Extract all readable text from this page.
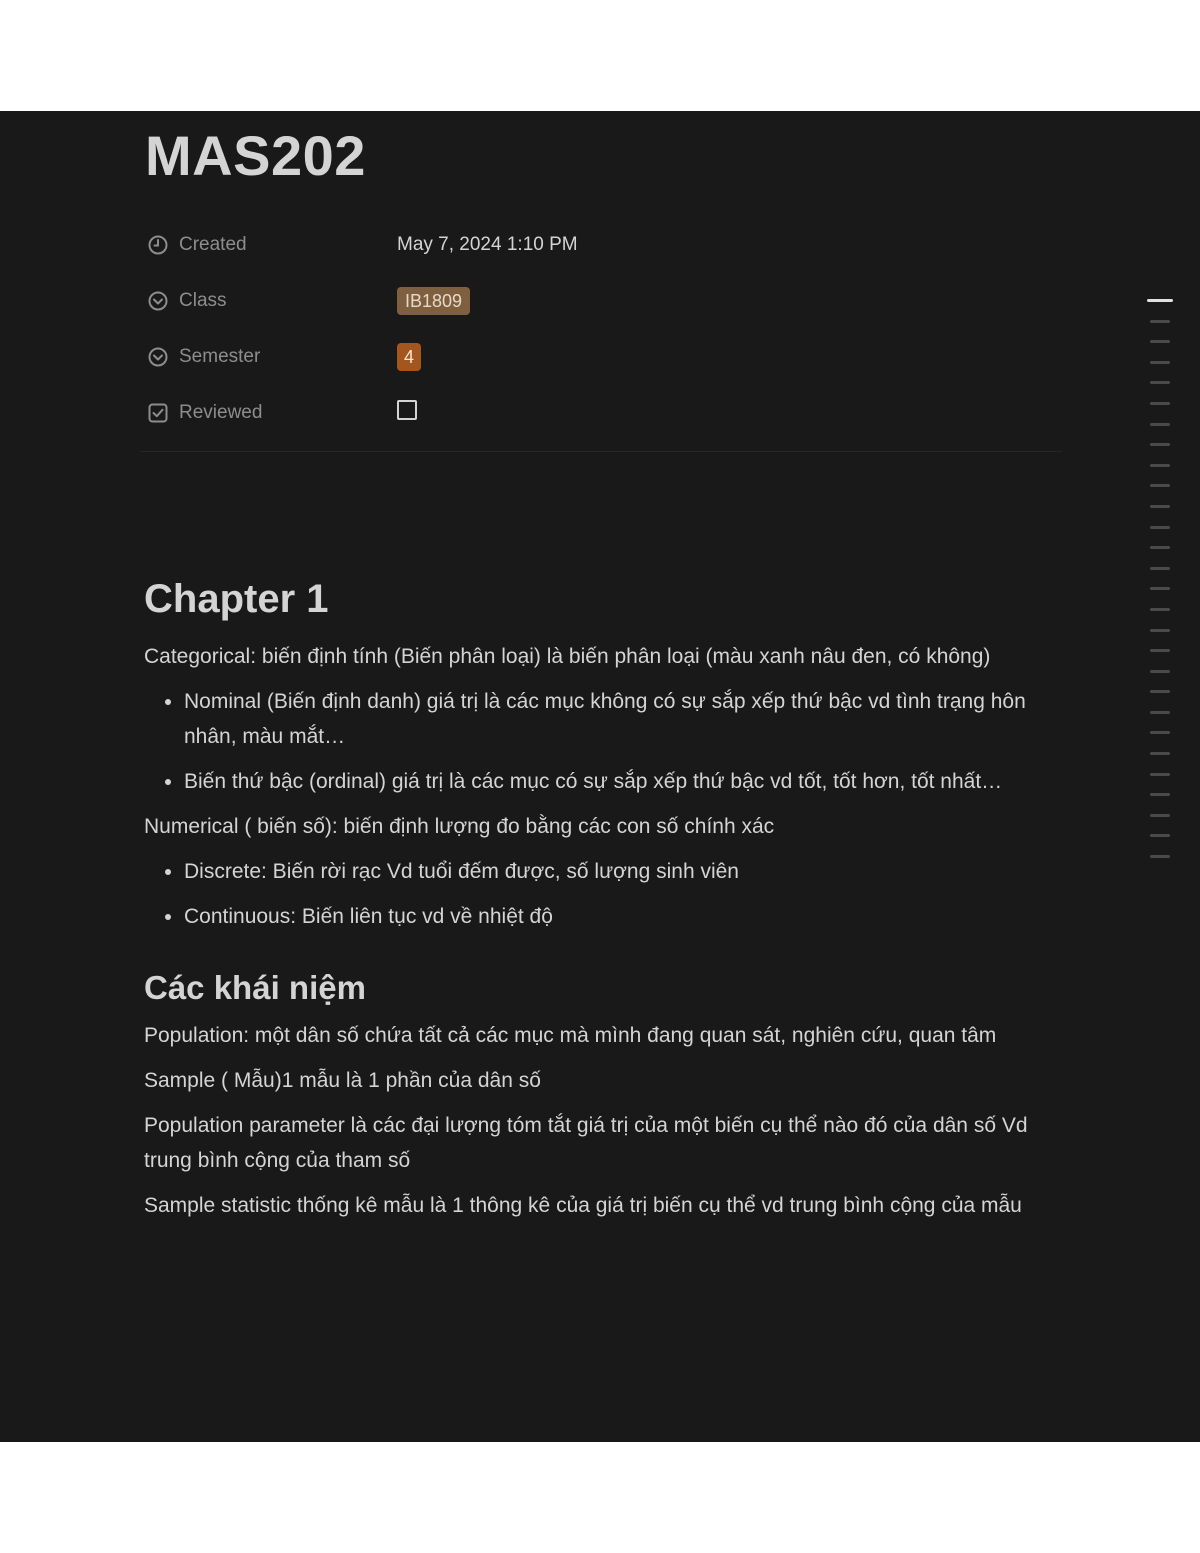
MAS202
Created	May 7, 2024 1:10 PM
Class	IB1809
Semester	4
Reviewed
Chapter 1

Categorical: biến định tính (Biến phân loại) là biến phân loại (màu xanh nâu đen, có không)

• Nominal (Biến định danh) giá trị là các mục không có sự sắp xếp thứ bậc vd tình trạng hôn nhân, màu mắt…
• Biến thứ bậc (ordinal) giá trị là các mục có sự sắp xếp thứ bậc vd tốt, tốt hơn, tốt nhất…

Numerical ( biến số): biến định lượng đo bằng các con số chính xác

• Discrete: Biến rời rạc Vd tuổi đếm được, số lượng sinh viên
• Continuous: Biến liên tục vd về nhiệt độ
Các khái niệm

Population: một dân số chứa tất cả các mục mà mình đang quan sát, nghiên cứu, quan tâm

Sample ( Mẫu)1 mẫu là 1 phần của dân số

Population parameter là các đại lượng tóm tắt giá trị của một biến cụ thể nào đó của dân số Vd trung bình cộng của tham số

Sample statistic thống kê mẫu là 1 thông kê của giá trị biến cụ thể vd trung bình cộng của mẫu
